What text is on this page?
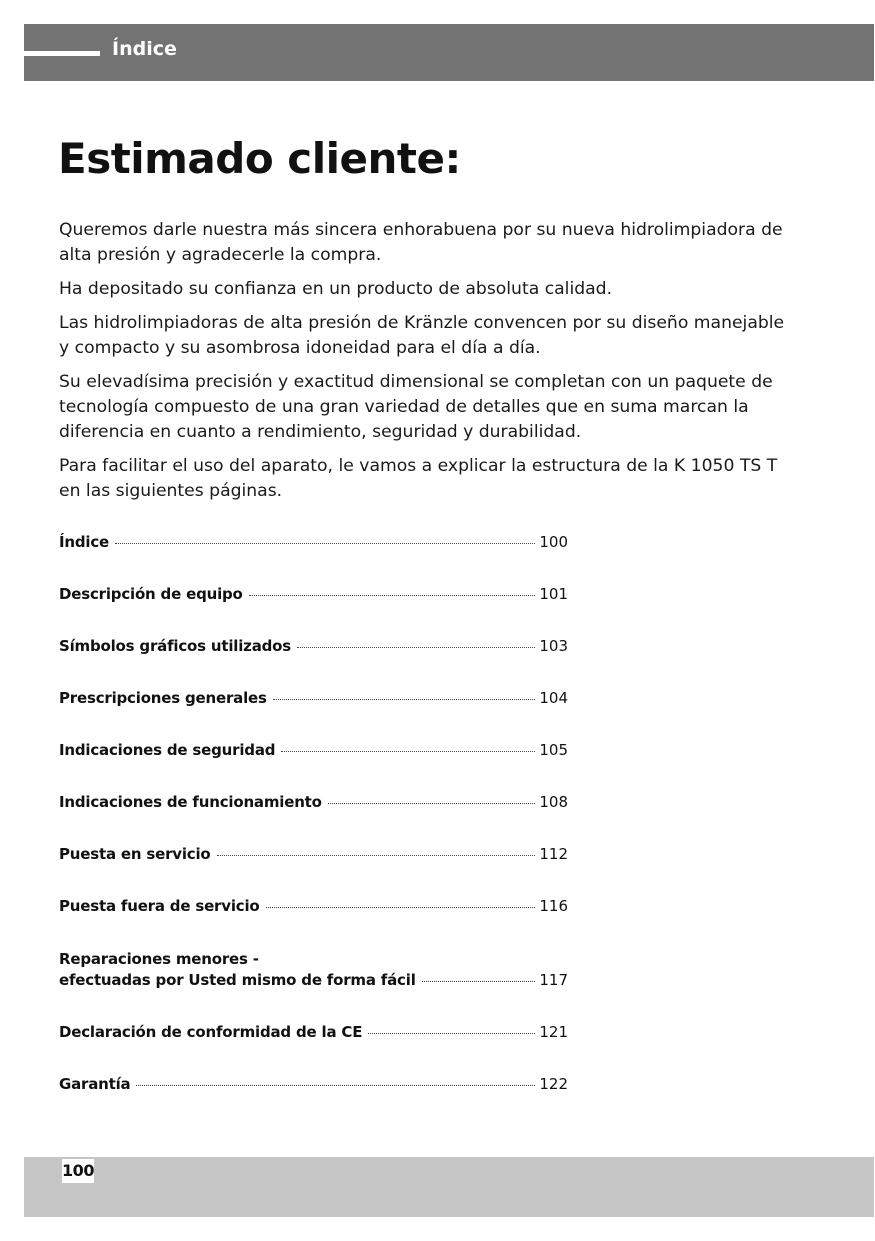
Índice
Estimado cliente:

Queremos darle nuestra más sincera enhorabuena por su nueva hidrolimpiadora de alta presión y agradecerle la compra.

Ha depositado su confianza en un producto de absoluta calidad.

Las hidrolimpiadoras de alta presión de Kränzle convencen por su diseño manejable y compacto y su asombrosa idoneidad para el día a día.

Su elevadísima precisión y exactitud dimensional se completan con un paquete de tecnología compuesto de una gran variedad de detalles que en suma marcan la diferencia en cuanto a rendimiento, seguridad y durabilidad.

Para facilitar el uso del aparato, le vamos a explicar la estructura de la K 1050 TS T en las siguientes páginas.

Índice	100
Descripción de equipo	101
Símbolos gráficos utilizados	103
Prescripciones generales	104
Indicaciones de seguridad	105
Indicaciones de funcionamiento	108
Puesta en servicio	112
Puesta fuera de servicio	116
Reparaciones menores -
efectuadas por Usted mismo de forma fácil	117
Declaración de conformidad de la CE	121
Garantía	122
100
